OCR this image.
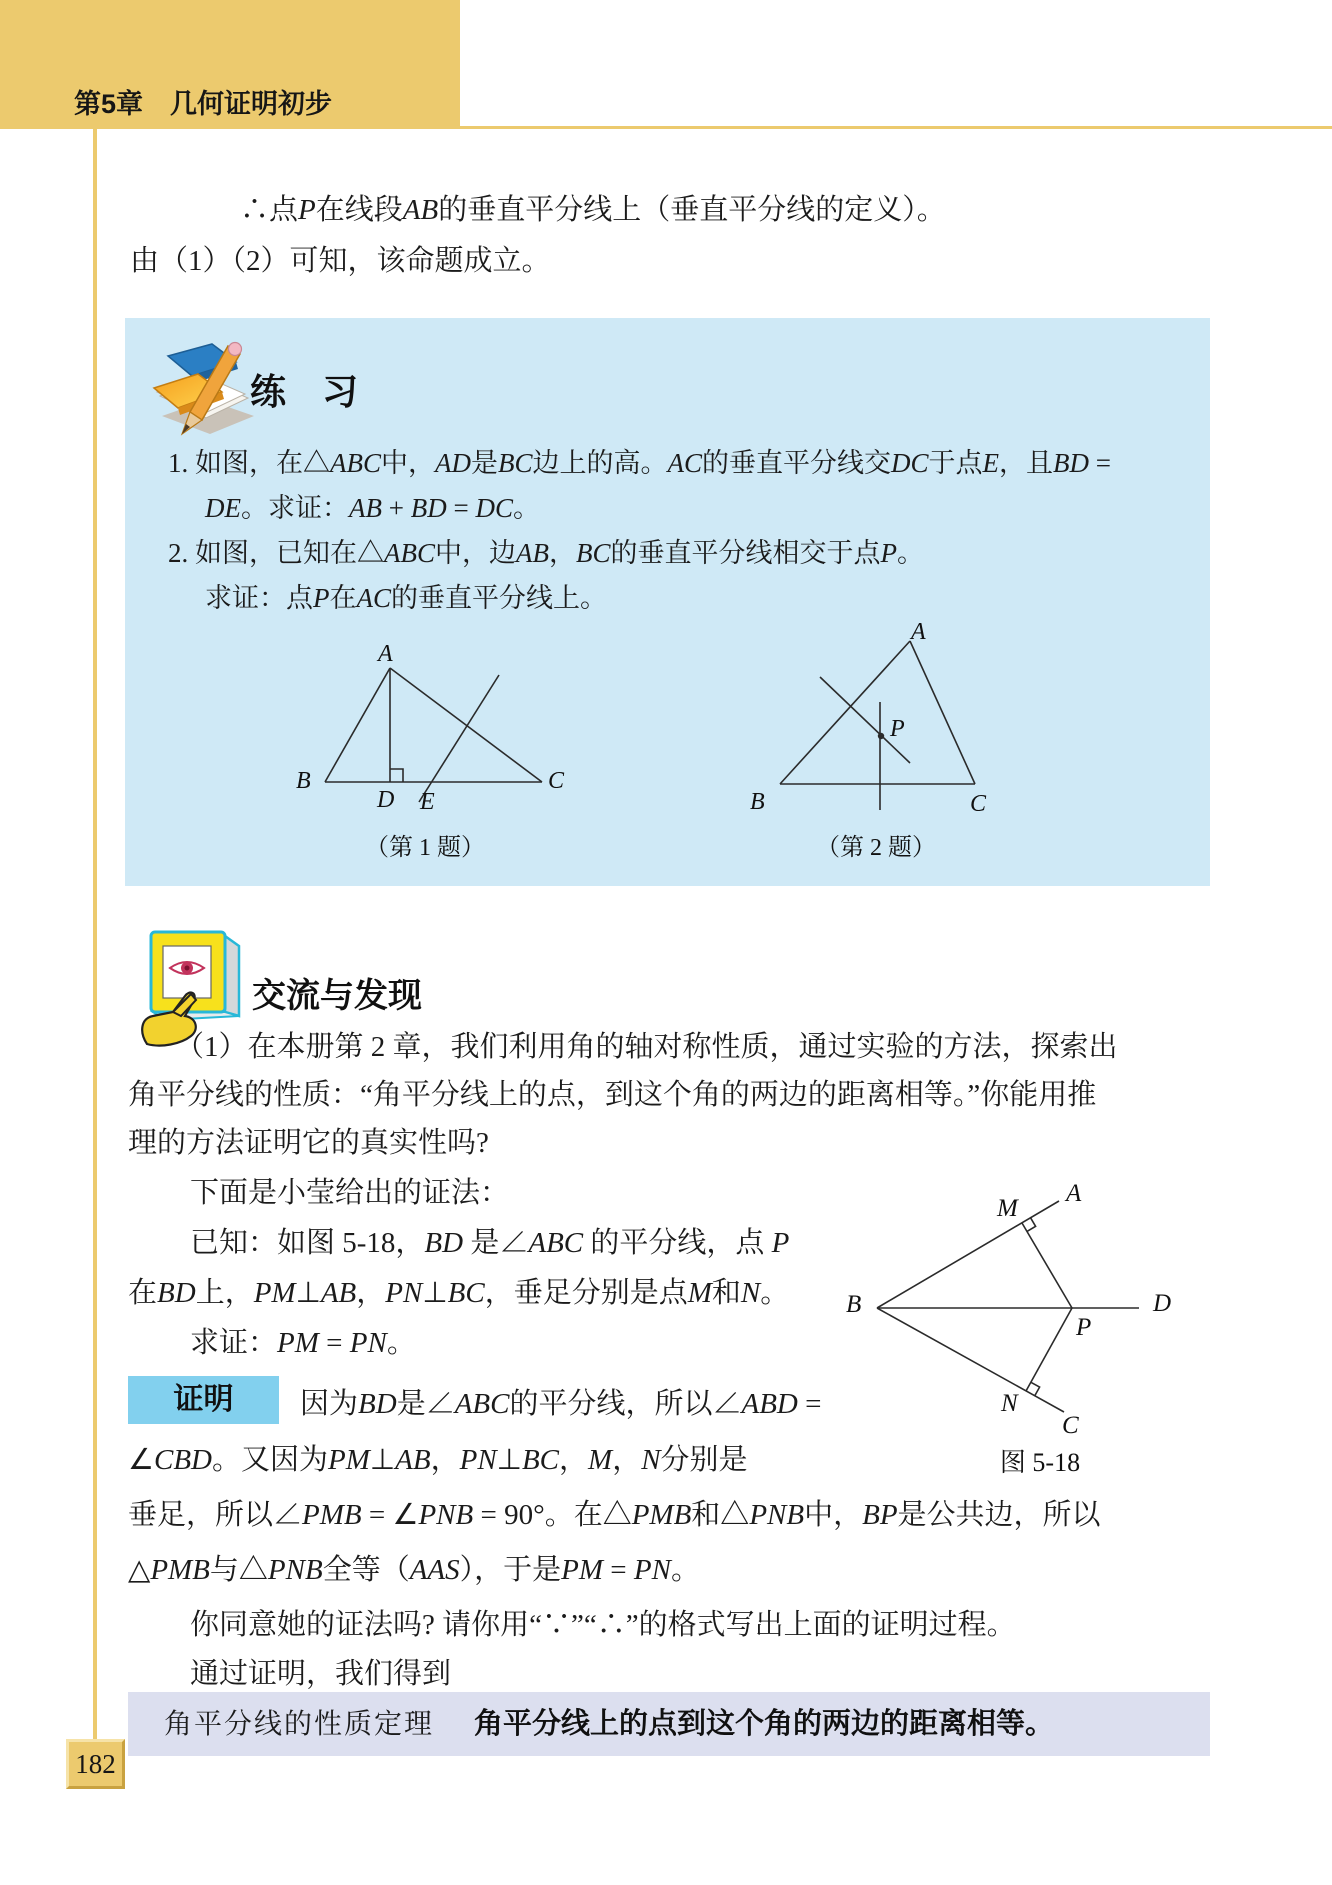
第5章　几何证明初步
∴点P在线段AB的垂直平分线上（垂直平分线的定义）。
由（1）（2）可知，该命题成立。
练　习
1. 如图，在△ABC中，AD是BC边上的高。AC的垂直平分线交DC于点E，且BD =
DE。求证：AB + BD = DC。
2. 如图，已知在△ABC中，边AB，BC的垂直平分线相交于点P。
求证：点P在AC的垂直平分线上。
A
B	C
D E
（第 1 题）
A
B	C
P
（第 2 题）
交流与发现
（1）在本册第 2 章，我们利用角的轴对称性质，通过实验的方法，探索出
角平分线的性质：“角平分线上的点，到这个角的两边的距离相等。”你能用推
理的方法证明它的真实性吗?
下面是小莹给出的证法：
已知：如图 5-18，BD 是∠ABC 的平分线，点 P
在BD上，PM⊥AB，PN⊥BC，垂足分别是点M和N。
求证：PM = PN。
A
M
B	D
P
N
C
图 5-18
证明	因为BD是∠ABC的平分线，所以∠ABD =
∠CBD。又因为PM⊥AB，PN⊥BC，M，N分别是
垂足，所以∠PMB = ∠PNB = 90°。在△PMB和△PNB中，BP是公共边，所以
△PMB与△PNB全等（AAS），于是PM = PN。
你同意她的证法吗? 请你用“∵”“∴”的格式写出上面的证明过程。
通过证明，我们得到
角平分线的性质定理 角平分线上的点到这个角的两边的距离相等。
182
